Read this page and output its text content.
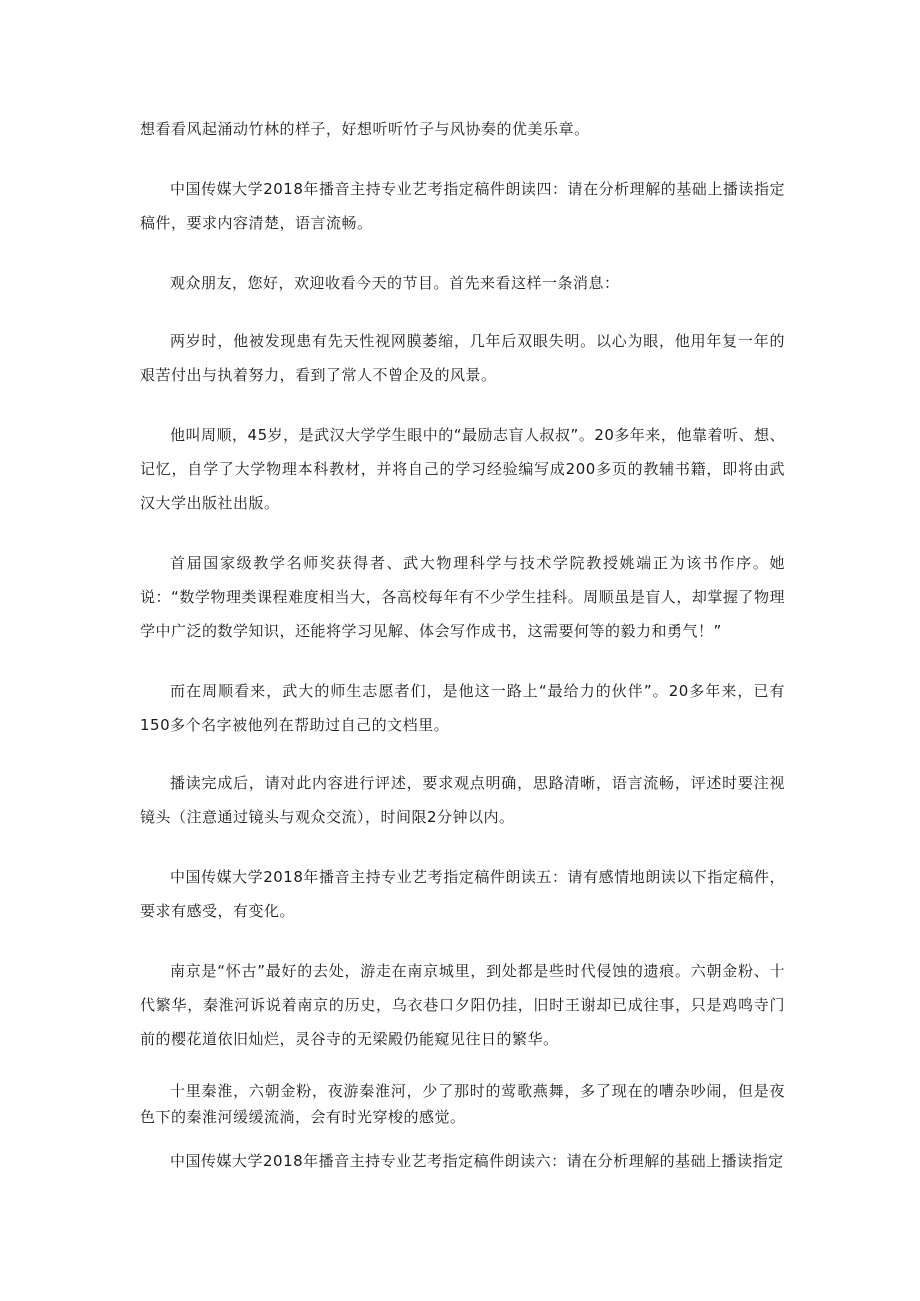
想看看风起涌动竹林的样子，好想听听竹子与风协奏的优美乐章。

中国传媒大学2018年播音主持专业艺考指定稿件朗读四：请在分析理解的基础上播读指定稿件，要求内容清楚，语言流畅。

观众朋友，您好，欢迎收看今天的节目。首先来看这样一条消息：

两岁时，他被发现患有先天性视网膜萎缩，几年后双眼失明。以心为眼，他用年复一年的艰苦付出与执着努力，看到了常人不曾企及的风景。

他叫周顺，45岁，是武汉大学学生眼中的“最励志盲人叔叔”。20多年来，他靠着听、想、记忆，自学了大学物理本科教材，并将自己的学习经验编写成200多页的教辅书籍，即将由武汉大学出版社出版。

首届国家级教学名师奖获得者、武大物理科学与技术学院教授姚端正为该书作序。她说：“数学物理类课程难度相当大，各高校每年有不少学生挂科。周顺虽是盲人，却掌握了物理学中广泛的数学知识，还能将学习见解、体会写作成书，这需要何等的毅力和勇气！”

而在周顺看来，武大的师生志愿者们，是他这一路上“最给力的伙伴”。20多年来，已有150多个名字被他列在帮助过自己的文档里。

播读完成后，请对此内容进行评述，要求观点明确，思路清晰，语言流畅，评述时要注视镜头（注意通过镜头与观众交流），时间限2分钟以内。

中国传媒大学2018年播音主持专业艺考指定稿件朗读五：请有感情地朗读以下指定稿件，要求有感受，有变化。

南京是“怀古”最好的去处，游走在南京城里，到处都是些时代侵蚀的遗痕。六朝金粉、十代繁华，秦淮河诉说着南京的历史，乌衣巷口夕阳仍挂，旧时王谢却已成往事，只是鸡鸣寺门前的樱花道依旧灿烂，灵谷寺的无梁殿仍能窥见往日的繁华。

十里秦淮，六朝金粉，夜游秦淮河，少了那时的莺歌燕舞，多了现在的嘈杂吵闹，但是夜色下的秦淮河缓缓流淌，会有时光穿梭的感觉。

中国传媒大学2018年播音主持专业艺考指定稿件朗读六：请在分析理解的基础上播读指定
